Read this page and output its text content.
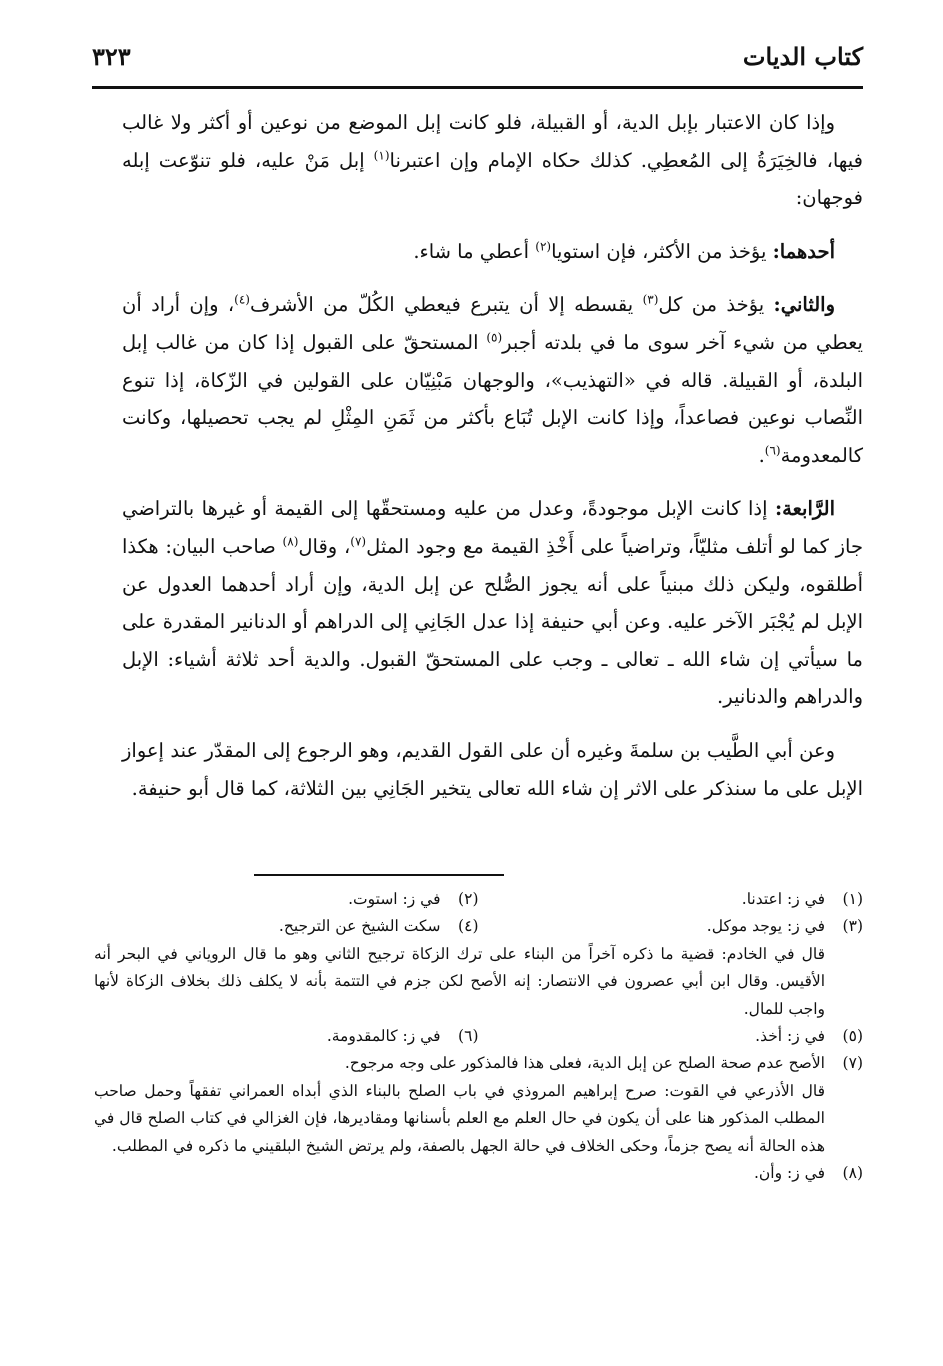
كتاب الديات
٣٢٣

وإذا كان الاعتبار بإبل الدية، أو القبيلة، فلو كانت إبل الموضع من نوعين أو أكثر ولا غالب فيها، فالخِيَرَةُ إلى المُعطِي. كذلك حكاه الإمام وإن اعتبرنا$^{(١)}$ إبل مَنْ عليه، فلو تنوّعت إبله فوجهان:

أحدهما: يؤخذ من الأكثر، فإن استويا$^{(٢)}$ أعطي ما شاء.

والثاني: يؤخذ من كل$^{(٣)}$ يقسطه إلا أن يتبرع فيعطي الكُلّ من الأشرف$^{(٤)}$، وإن أراد أن يعطي من شيء آخر سوى ما في بلدته أجبر$^{(٥)}$ المستحقّ على القبول إذا كان من غالب إبل البلدة، أو القبيلة. قاله في «التهذيب»، والوجهان مَبْنِيّان على القولين في الزّكاة، إذا تنوع النِّصاب نوعين فصاعداً، وإذا كانت الإبل تُبَاع بأكثر من ثَمَنِ المِثْلِ لم يجب تحصيلها، وكانت كالمعدومة$^{(٦)}$.

الرَّابعة: إذا كانت الإبل موجودةً، وعدل من عليه ومستحقّها إلى القيمة أو غيرها بالتراضي جاز كما لو أتلف مثليّاً، وتراضياً على أَخْذِ القيمة مع وجود المثل$^{(٧)}$، وقال$^{(٨)}$ صاحب البيان: هكذا أطلقوه، وليكن ذلك مبنياً على أنه يجوز الصُّلح عن إبل الدية، وإن أراد أحدهما العدول عن الإبل لم يُجْبَر الآخر عليه. وعن أبي حنيفة إذا عدل الجَانِي إلى الدراهم أو الدنانير المقدرة على ما سيأتي إن شاء الله ـ تعالى ـ وجب على المستحقّ القبول. والدية أحد ثلاثة أشياء: الإبل والدراهم والدنانير.

وعن أبي الطَّيب بن سلمةَ وغيره أن على القول القديم، وهو الرجوع إلى المقدّر عند إعواز الإبل على ما سنذكر على الاثر إن شاء الله تعالى يتخير الجَانِي بين الثلاثة، كما قال أبو حنيفة.

(١)
في ز: اعتدنا.
(٢)
في ز: استوت.
(٣)
في ز: يوجد موكل.
(٤)
سكت الشيخ عن الترجيح.
قال في الخادم: قضية ما ذكره آخراً من البناء على ترك الزكاة ترجيح الثاني وهو ما قال الروياني في البحر أنه الأقيس. وقال ابن أبي عصرون في الانتصار: إنه الأصح لكن جزم في التتمة بأنه لا يكلف ذلك بخلاف الزكاة لأنها واجب للمال.
(٥)
في ز: أخذ.
(٦)
في ز: كالمقدومة.
(٧)
الأصح عدم صحة الصلح عن إبل الدية، فعلى هذا فالمذكور على وجه مرجوح.
قال الأذرعي في القوت: صرح إبراهيم المروذي في باب الصلح بالبناء الذي أبداه العمراني تفقهاً وحمل صاحب المطلب المذكور هنا على أن يكون في حال العلم مع العلم بأسنانها ومقاديرها، فإن الغزالي في كتاب الصلح قال في هذه الحالة أنه يصح جزماً، وحكى الخلاف في حالة الجهل بالصفة، ولم يرتض الشيخ البلقيني ما ذكره في المطلب.
(٨)
في ز: وأن.
